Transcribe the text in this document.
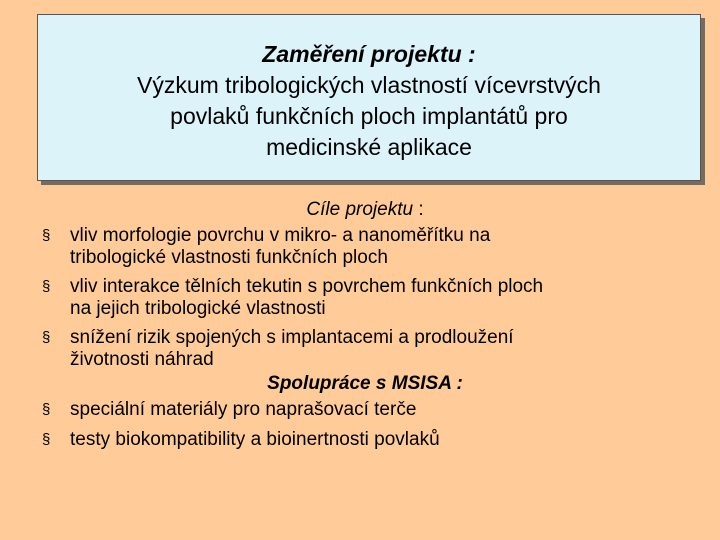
Zaměření projektu :
Výzkum tribologických vlastností vícevrstvých
povlaků funkčních ploch implantátů pro
medicinské aplikace
Cíle projektu :
§ vliv morfologie povrchu v mikro- a nanoměřítku na
tribologické vlastnosti funkčních ploch
§ vliv interakce tělních tekutin s povrchem funkčních ploch
na jejich tribologické vlastnosti
§ snížení rizik spojených s implantacemi a prodloužení
životnosti náhrad
Spolupráce s MSISA :
§ speciální materiály pro naprašovací terče
§ testy biokompatibility a bioinertnosti povlaků
